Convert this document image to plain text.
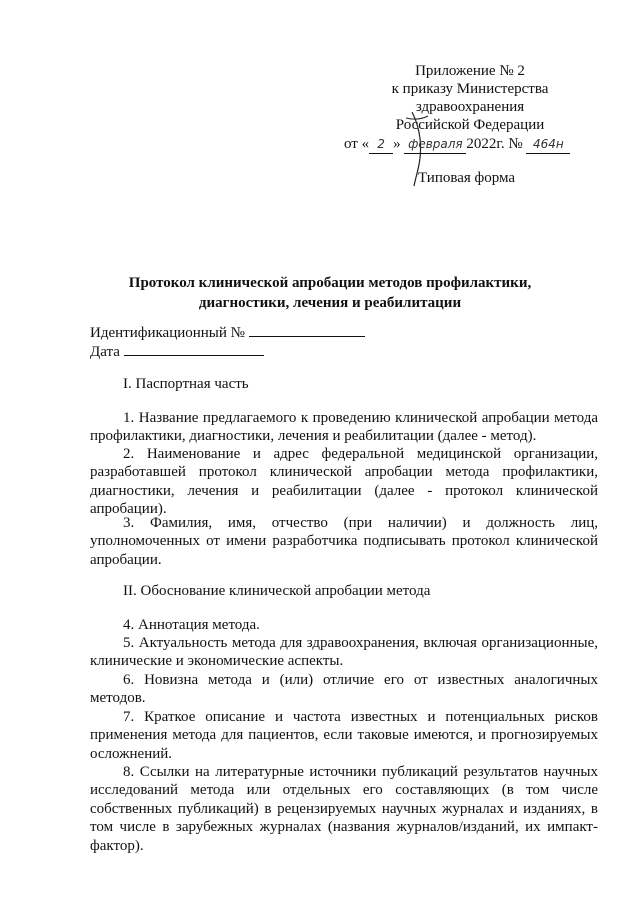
Приложение № 2
к приказу Министерства
здравоохранения
Российской Федерации
от « 2 » февраля 2022г. № 464н
Типовая форма
Протокол клинической апробации методов профилактики,
диагностики, лечения и реабилитации
Идентификационный №
Дата
I. Паспортная часть
1. Название предлагаемого к проведению клинической апробации метода профилактики, диагностики, лечения и реабилитации (далее - метод).
2. Наименование и адрес федеральной медицинской организации, разработавшей протокол клинической апробации метода профилактики, диагностики, лечения и реабилитации (далее - протокол клинической апробации).
3. Фамилия, имя, отчество (при наличии) и должность лиц, уполномоченных от имени разработчика подписывать протокол клинической апробации.
II. Обоснование клинической апробации метода
4. Аннотация метода.
5. Актуальность метода для здравоохранения, включая организационные, клинические и экономические аспекты.
6. Новизна метода и (или) отличие его от известных аналогичных методов.
7. Краткое описание и частота известных и потенциальных рисков применения метода для пациентов, если таковые имеются, и прогнозируемых осложнений.
8. Ссылки на литературные источники публикаций результатов научных исследований метода или отдельных его составляющих (в том числе собственных публикаций) в рецензируемых научных журналах и изданиях, в том числе в зарубежных журналах (названия журналов/изданий, их импакт-фактор).
